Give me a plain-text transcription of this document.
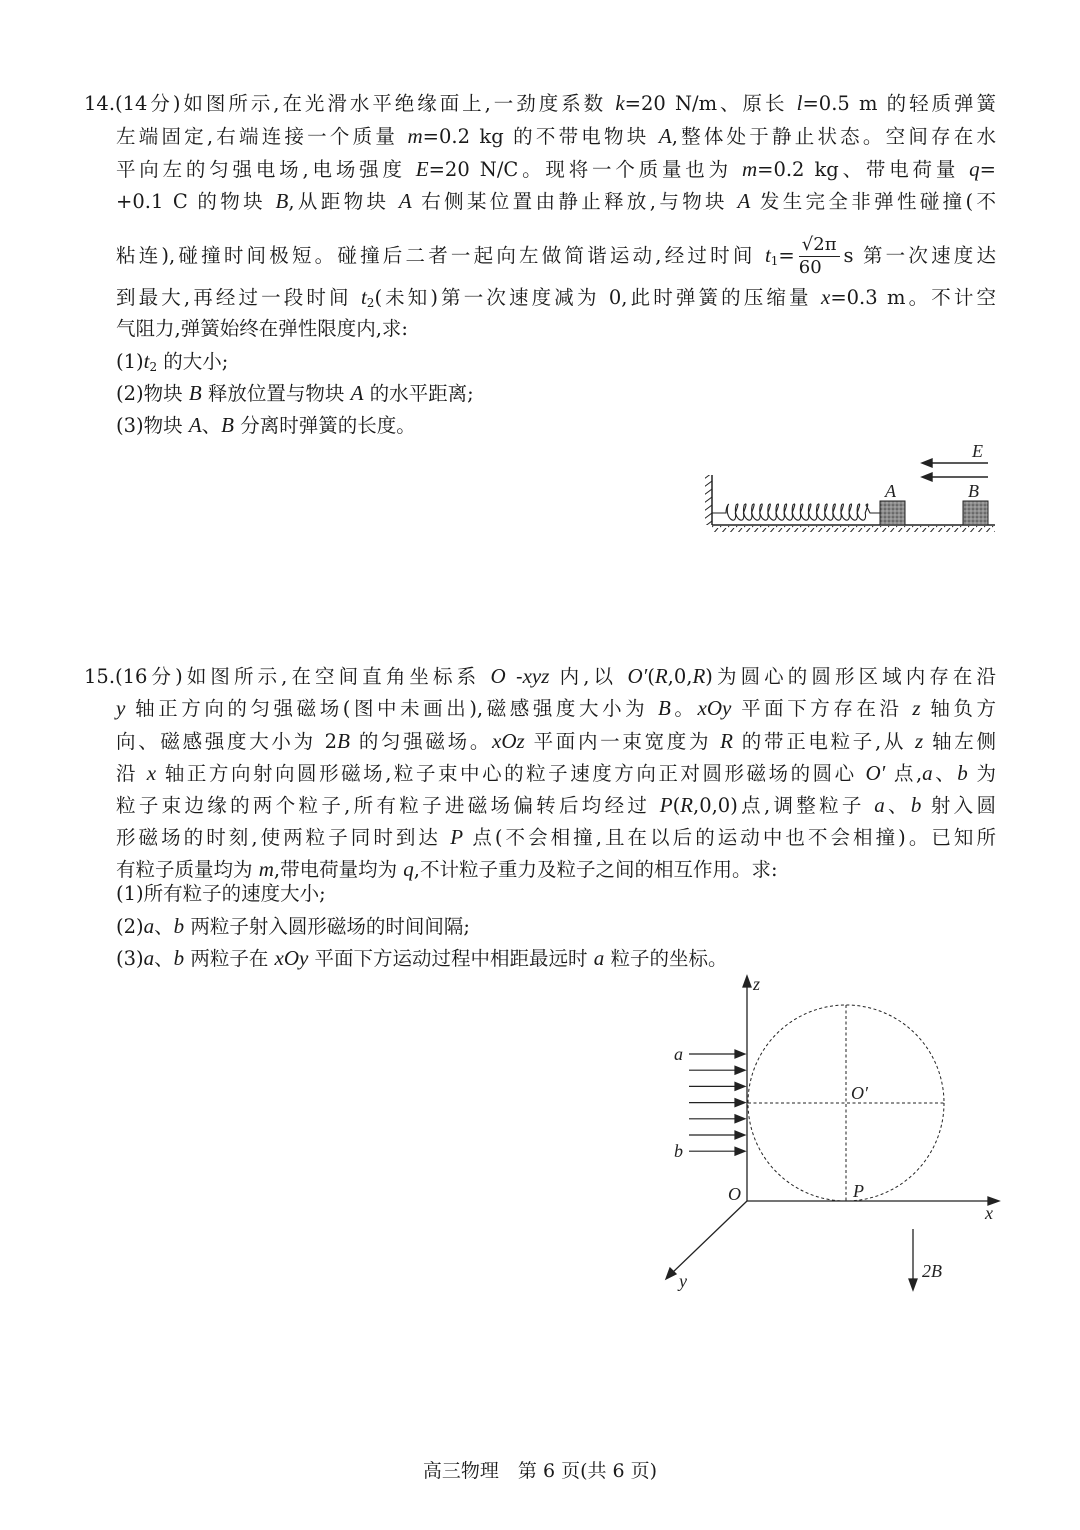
14.(14分)如图所示,在光滑水平绝缘面上,一劲度系数 k=20 N/m、原长 l=0.5 m 的轻质弹簧
左端固定,右端连接一个质量 m=0.2 kg 的不带电物块 A,整体处于静止状态。空间存在水
平向左的匀强电场,电场强度 E=20 N/C。现将一个质量也为 m=0.2 kg、带电荷量 q=
+0.1 C 的物块 B,从距物块 A 右侧某位置由静止释放,与物块 A 发生完全非弹性碰撞(不
粘连),碰撞时间极短。碰撞后二者一起向左做简谐运动,经过时间 $t_1= \frac{√2\pi}{60}$ s 第一次速度达
到最大,再经过一段时间 $t_2$(未知)第一次速度减为 0,此时弹簧的压缩量 x=0.3 m。不计空
气阻力,弹簧始终在弹性限度内,求:
$(1)t_2$ 的大小;
(2)物块 B 释放位置与物块 A 的水平距离;
(3)物块 A、B 分离时弹簧的长度。
E
A	B
15.(16分)如图所示,在空间直角坐标系 O -xyz 内,以 O′(R,0,R)为圆心的圆形区域内存在沿
y 轴正方向的匀强磁场(图中未画出),磁感强度大小为 B。xOy 平面下方存在沿 z 轴负方
向、磁感强度大小为 2B 的匀强磁场。xOz 平面内一束宽度为 R 的带正电粒子,从 z 轴左侧
沿 x 轴正方向射向圆形磁场,粒子束中心的粒子速度方向正对圆形磁场的圆心 O′ 点,a、b 为
粒子束边缘的两个粒子,所有粒子进磁场偏转后均经过 P(R,0,0)点,调整粒子 a、b 射入圆
形磁场的时刻,使两粒子同时到达 P 点(不会相撞,且在以后的运动中也不会相撞)。已知所
有粒子质量均为 m,带电荷量均为 q,不计粒子重力及粒子之间的相互作用。求:
(1)所有粒子的速度大小;
(2)a、b 两粒子射入圆形磁场的时间间隔;
(3)a、b 两粒子在 xOy 平面下方运动过程中相距最远时 a 粒子的坐标。
z
x
y
O
O′
P
a
b
2B
高三物理　第 6 页(共 6 页)
